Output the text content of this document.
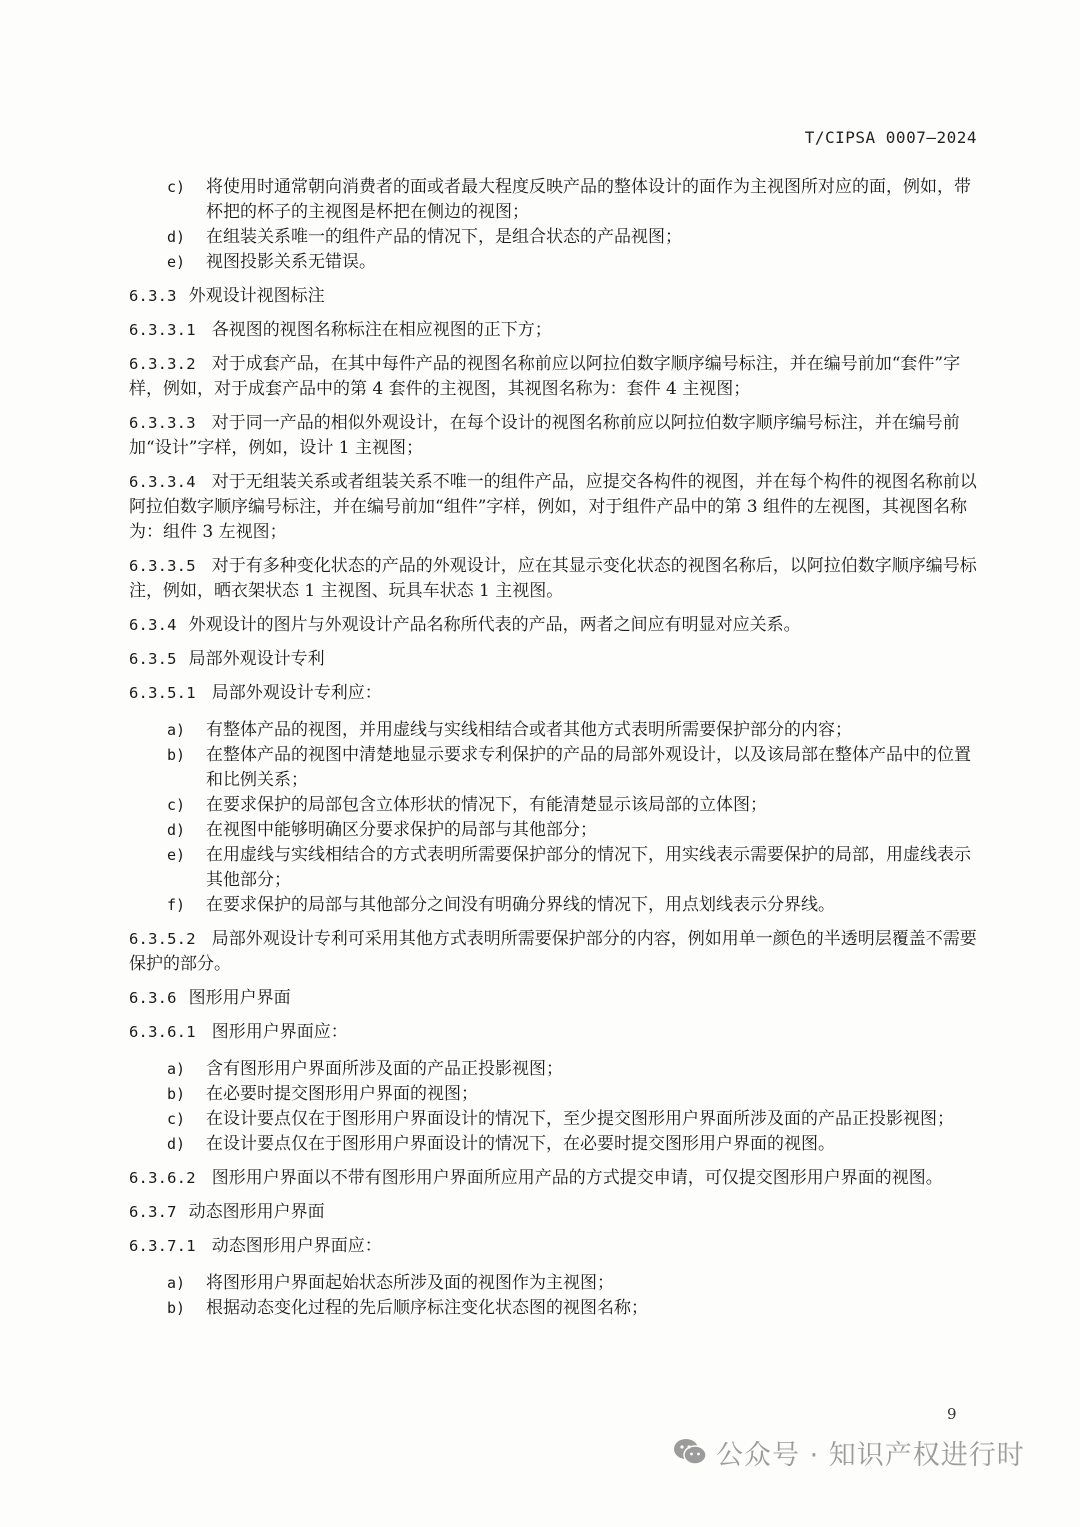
T/CIPSA 0007—2024
c) 将使用时通常朝向消费者的面或者最大程度反映产品的整体设计的面作为主视图所对应的面，例如，带杯把的杯子的主视图是杯把在侧边的视图；
d) 在组装关系唯一的组件产品的情况下，是组合状态的产品视图；
e) 视图投影关系无错误。
6.3.3 外观设计视图标注
6.3.3.1 各视图的视图名称标注在相应视图的正下方；
6.3.3.2 对于成套产品，在其中每件产品的视图名称前应以阿拉伯数字顺序编号标注，并在编号前加“套件”字样，例如，对于成套产品中的第 4 套件的主视图，其视图名称为：套件 4 主视图；
6.3.3.3 对于同一产品的相似外观设计，在每个设计的视图名称前应以阿拉伯数字顺序编号标注，并在编号前加“设计”字样，例如，设计 1 主视图；
6.3.3.4 对于无组装关系或者组装关系不唯一的组件产品，应提交各构件的视图，并在每个构件的视图名称前以阿拉伯数字顺序编号标注，并在编号前加“组件”字样，例如，对于组件产品中的第 3 组件的左视图，其视图名称为：组件 3 左视图；
6.3.3.5 对于有多种变化状态的产品的外观设计，应在其显示变化状态的视图名称后，以阿拉伯数字顺序编号标注，例如，晒衣架状态 1 主视图、玩具车状态 1 主视图。
6.3.4 外观设计的图片与外观设计产品名称所代表的产品，两者之间应有明显对应关系。
6.3.5 局部外观设计专利
6.3.5.1 局部外观设计专利应：
a) 有整体产品的视图，并用虚线与实线相结合或者其他方式表明所需要保护部分的内容；
b) 在整体产品的视图中清楚地显示要求专利保护的产品的局部外观设计，以及该局部在整体产品中的位置和比例关系；
c) 在要求保护的局部包含立体形状的情况下，有能清楚显示该局部的立体图；
d) 在视图中能够明确区分要求保护的局部与其他部分；
e) 在用虚线与实线相结合的方式表明所需要保护部分的情况下，用实线表示需要保护的局部，用虚线表示其他部分；
f) 在要求保护的局部与其他部分之间没有明确分界线的情况下，用点划线表示分界线。
6.3.5.2 局部外观设计专利可采用其他方式表明所需要保护部分的内容，例如用单一颜色的半透明层覆盖不需要保护的部分。
6.3.6 图形用户界面
6.3.6.1 图形用户界面应：
a) 含有图形用户界面所涉及面的产品正投影视图；
b) 在必要时提交图形用户界面的视图；
c) 在设计要点仅在于图形用户界面设计的情况下，至少提交图形用户界面所涉及面的产品正投影视图；
d) 在设计要点仅在于图形用户界面设计的情况下，在必要时提交图形用户界面的视图。
6.3.6.2 图形用户界面以不带有图形用户界面所应用产品的方式提交申请，可仅提交图形用户界面的视图。
6.3.7 动态图形用户界面
6.3.7.1 动态图形用户界面应：
a) 将图形用户界面起始状态所涉及面的视图作为主视图；
b) 根据动态变化过程的先后顺序标注变化状态图的视图名称；
9
公众号 · 知识产权进行时
